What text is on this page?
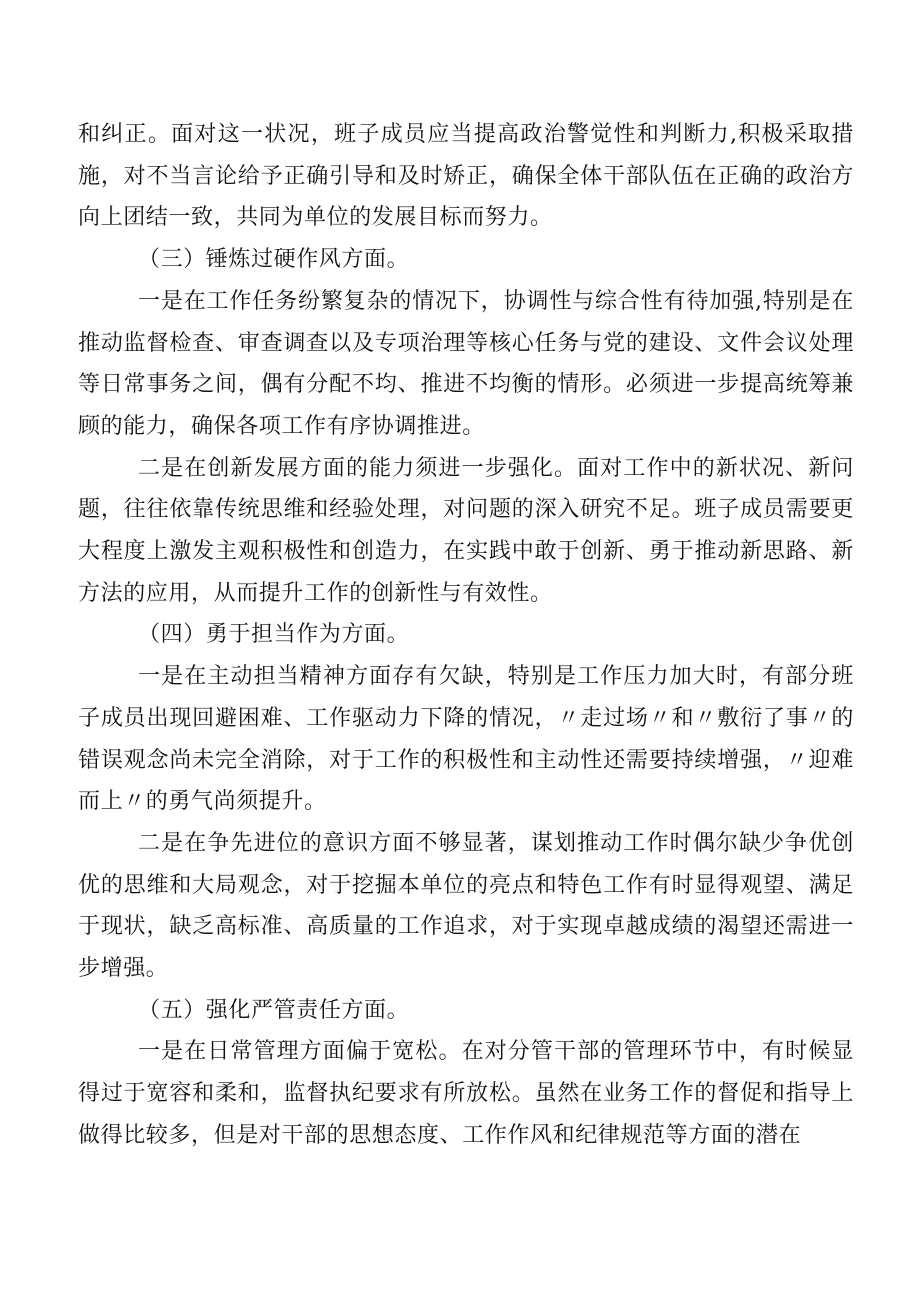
和纠正。面对这一状况，班子成员应当提高政治警觉性和判断力,积极采取措施，对不当言论给予正确引导和及时矫正，确保全体干部队伍在正确的政治方向上团结一致，共同为单位的发展目标而努力。

（三）锤炼过硬作风方面。

一是在工作任务纷繁复杂的情况下，协调性与综合性有待加强,特别是在推动监督检查、审查调查以及专项治理等核心任务与党的建设、文件会议处理等日常事务之间，偶有分配不均、推进不均衡的情形。必须进一步提高统筹兼顾的能力，确保各项工作有序协调推进。

二是在创新发展方面的能力须进一步强化。面对工作中的新状况、新问题，往往依靠传统思维和经验处理，对问题的深入研究不足。班子成员需要更大程度上激发主观积极性和创造力，在实践中敢于创新、勇于推动新思路、新方法的应用，从而提升工作的创新性与有效性。

（四）勇于担当作为方面。

一是在主动担当精神方面存有欠缺，特别是工作压力加大时，有部分班子成员出现回避困难、工作驱动力下降的情况，〃走过场〃和〃敷衍了事〃的错误观念尚未完全消除，对于工作的积极性和主动性还需要持续增强，〃迎难而上〃的勇气尚须提升。

二是在争先进位的意识方面不够显著，谋划推动工作时偶尔缺少争优创优的思维和大局观念，对于挖掘本单位的亮点和特色工作有时显得观望、满足于现状，缺乏高标准、高质量的工作追求，对于实现卓越成绩的渴望还需进一步增强。

（五）强化严管责任方面。

一是在日常管理方面偏于宽松。在对分管干部的管理环节中，有时候显得过于宽容和柔和，监督执纪要求有所放松。虽然在业务工作的督促和指导上做得比较多，但是对干部的思想态度、工作作风和纪律规范等方面的潜在
